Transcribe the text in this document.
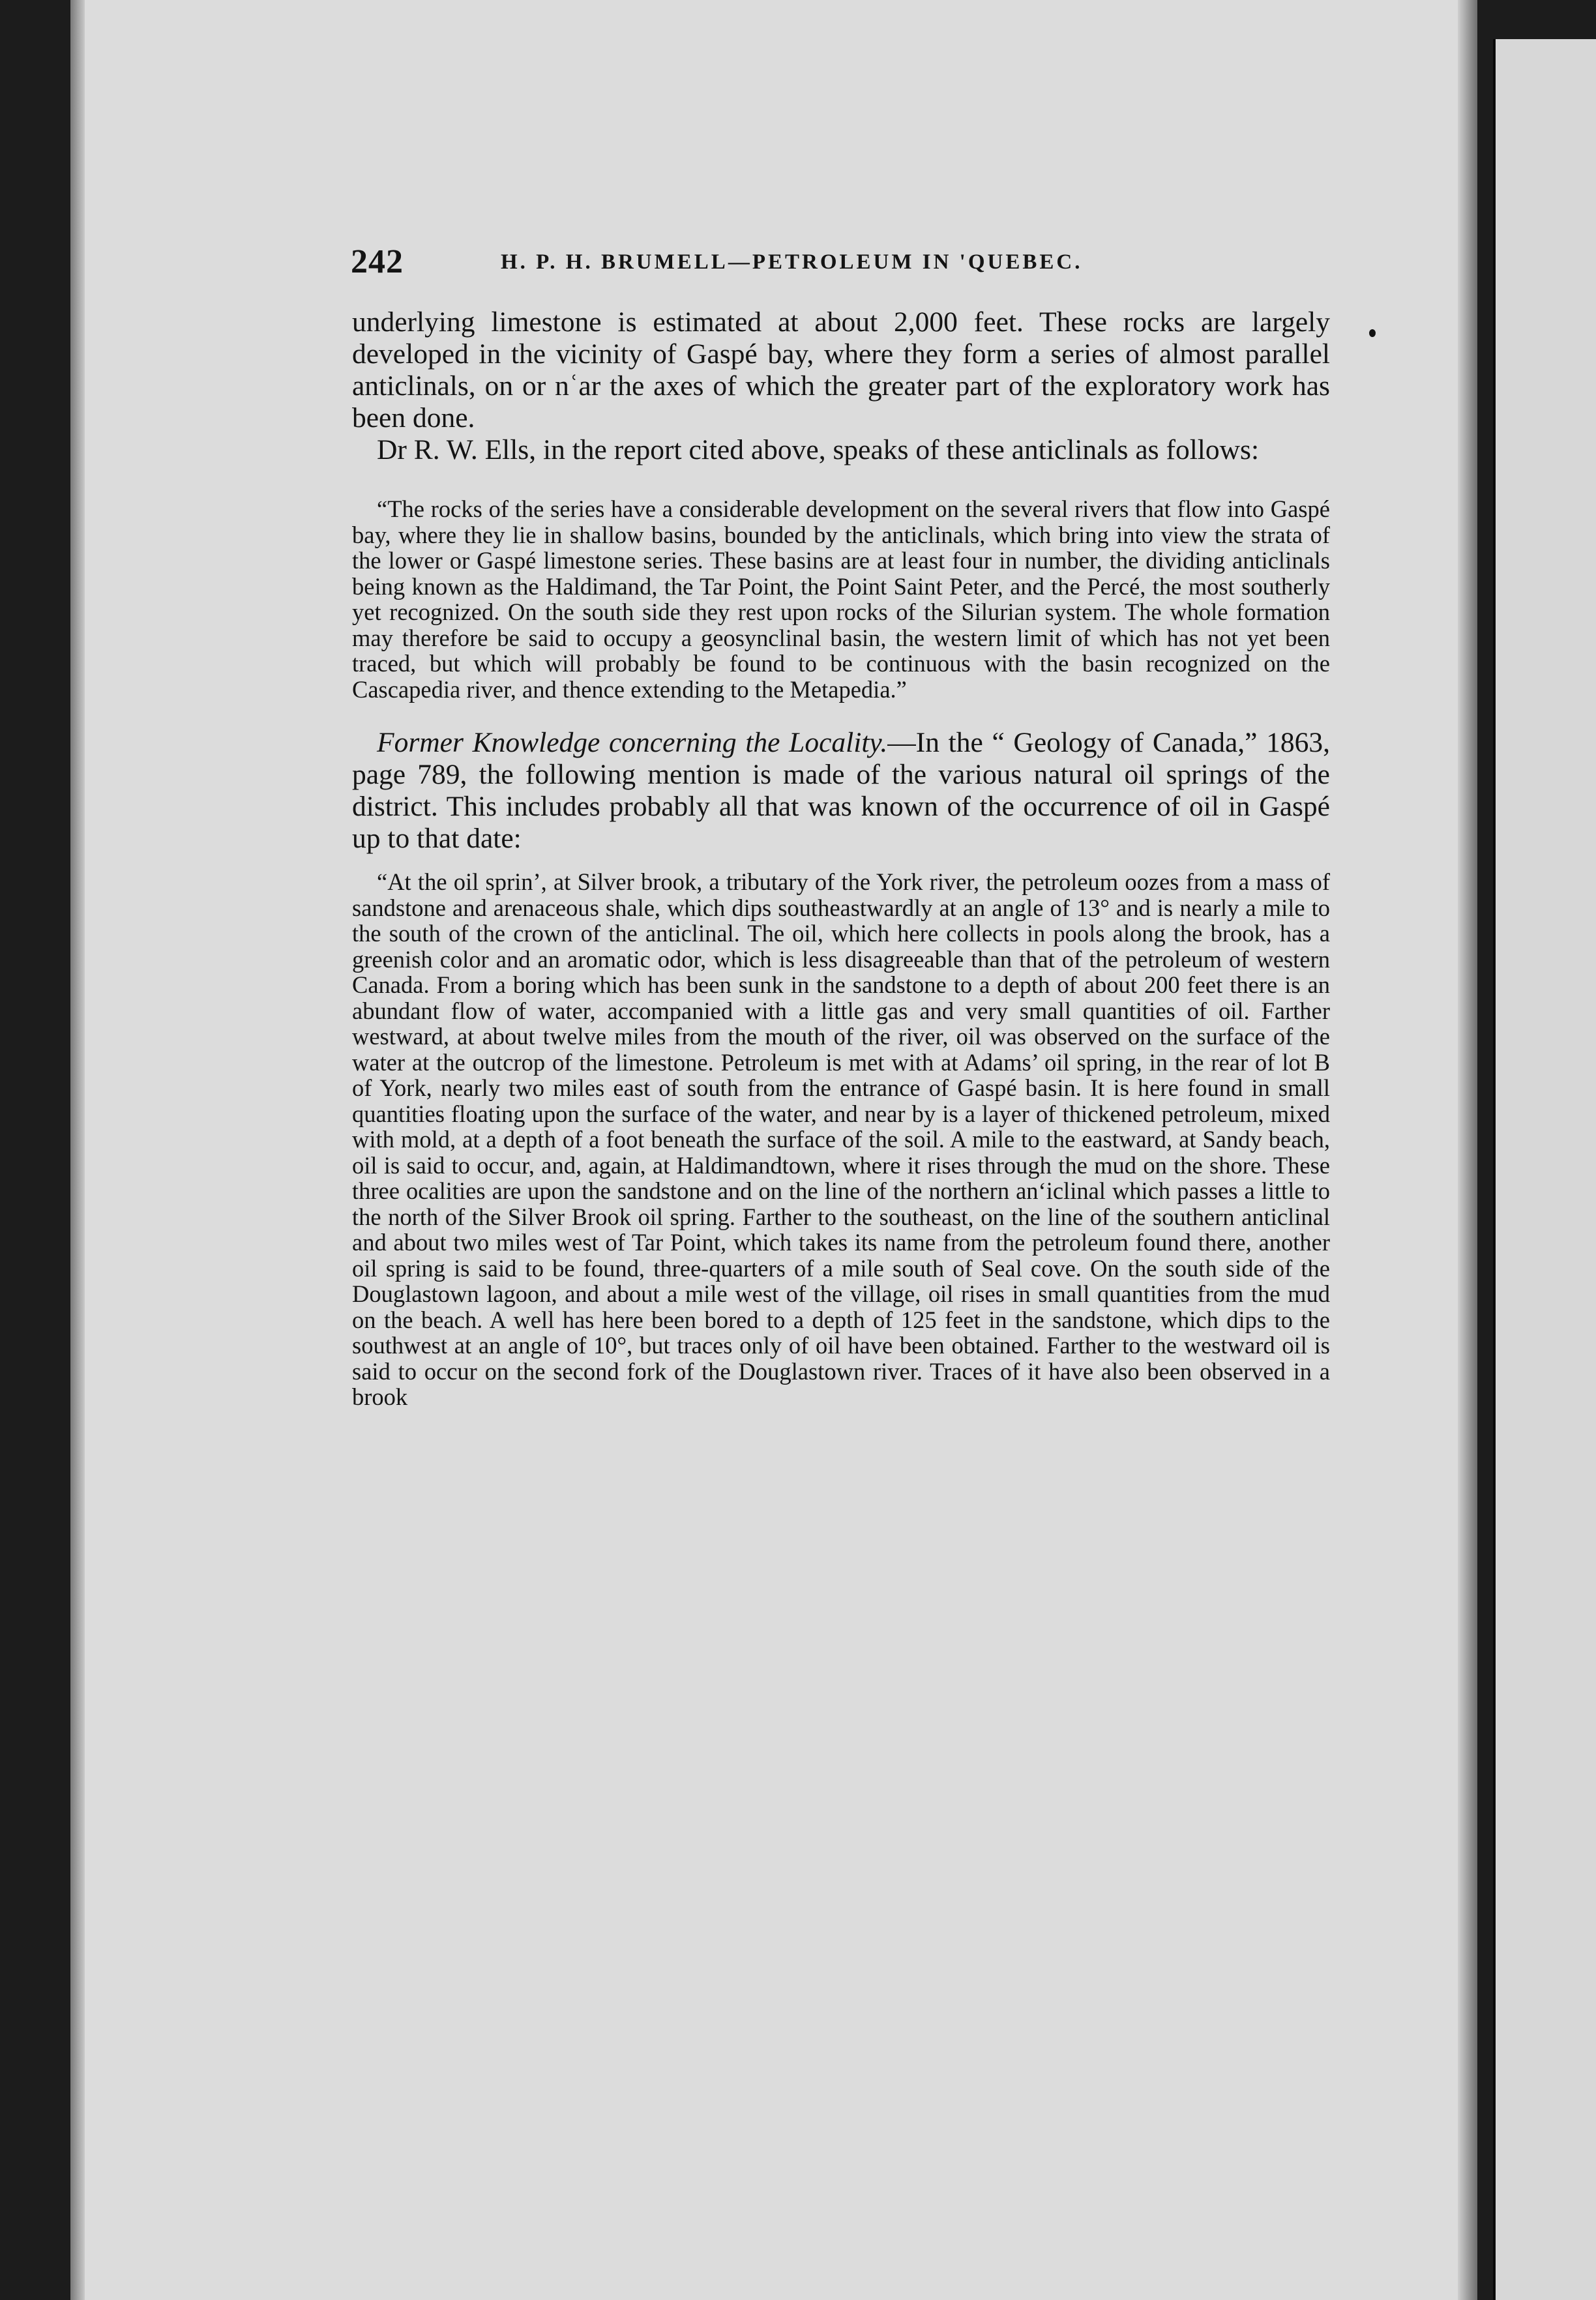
242	H. P. H. BRUMELL—PETROLEUM IN 'QUEBEC.

underlying limestone is estimated at about 2,000 feet. These rocks are largely developed in the vicinity of Gaspé bay, where they form a series of almost parallel anticlinals, on or nʿar the axes of which the greater part of the exploratory work has been done.

Dr R. W. Ells, in the report cited above, speaks of these anticlinals as follows:

“The rocks of the series have a considerable development on the several rivers that flow into Gaspé bay, where they lie in shallow basins, bounded by the anticlinals, which bring into view the strata of the lower or Gaspé limestone series. These basins are at least four in number, the dividing anticlinals being known as the Haldimand, the Tar Point, the Point Saint Peter, and the Percé, the most southerly yet recognized. On the south side they rest upon rocks of the Silurian system. The whole formation may therefore be said to occupy a geosynclinal basin, the western limit of which has not yet been traced, but which will probably be found to be continuous with the basin recognized on the Cascapedia river, and thence extending to the Metapedia.”

Former Knowledge concerning the Locality.—In the “ Geology of Canada,” 1863, page 789, the following mention is made of the various natural oil springs of the district. This includes probably all that was known of the occurrence of oil in Gaspé up to that date:

“At the oil sprin’, at Silver brook, a tributary of the York river, the petroleum oozes from a mass of sandstone and arenaceous shale, which dips southeastwardly at an angle of 13° and is nearly a mile to the south of the crown of the anticlinal. The oil, which here collects in pools along the brook, has a greenish color and an aromatic odor, which is less disagreeable than that of the petroleum of western Canada. From a boring which has been sunk in the sandstone to a depth of about 200 feet there is an abundant flow of water, accompanied with a little gas and very small quantities of oil. Farther westward, at about twelve miles from the mouth of the river, oil was observed on the surface of the water at the outcrop of the limestone. Petroleum is met with at Adams’ oil spring, in the rear of lot B of York, nearly two miles east of south from the entrance of Gaspé basin. It is here found in small quantities floating upon the surface of the water, and near by is a layer of thickened petroleum, mixed with mold, at a depth of a foot beneath the surface of the soil. A mile to the eastward, at Sandy beach, oil is said to occur, and, again, at Haldimandtown, where it rises through the mud on the shore. These three ocalities are upon the sandstone and on the line of the northern an‘iclinal which passes a little to the north of the Silver Brook oil spring. Farther to the southeast, on the line of the southern anticlinal and about two miles west of Tar Point, which takes its name from the petroleum found there, another oil spring is said to be found, three-quarters of a mile south of Seal cove. On the south side of the Douglastown lagoon, and about a mile west of the village, oil rises in small quantities from the mud on the beach. A well has here been bored to a depth of 125 feet in the sandstone, which dips to the southwest at an angle of 10°, but traces only of oil have been obtained. Farther to the westward oil is said to occur on the second fork of the Douglastown river. Traces of it have also been observed in a brook
